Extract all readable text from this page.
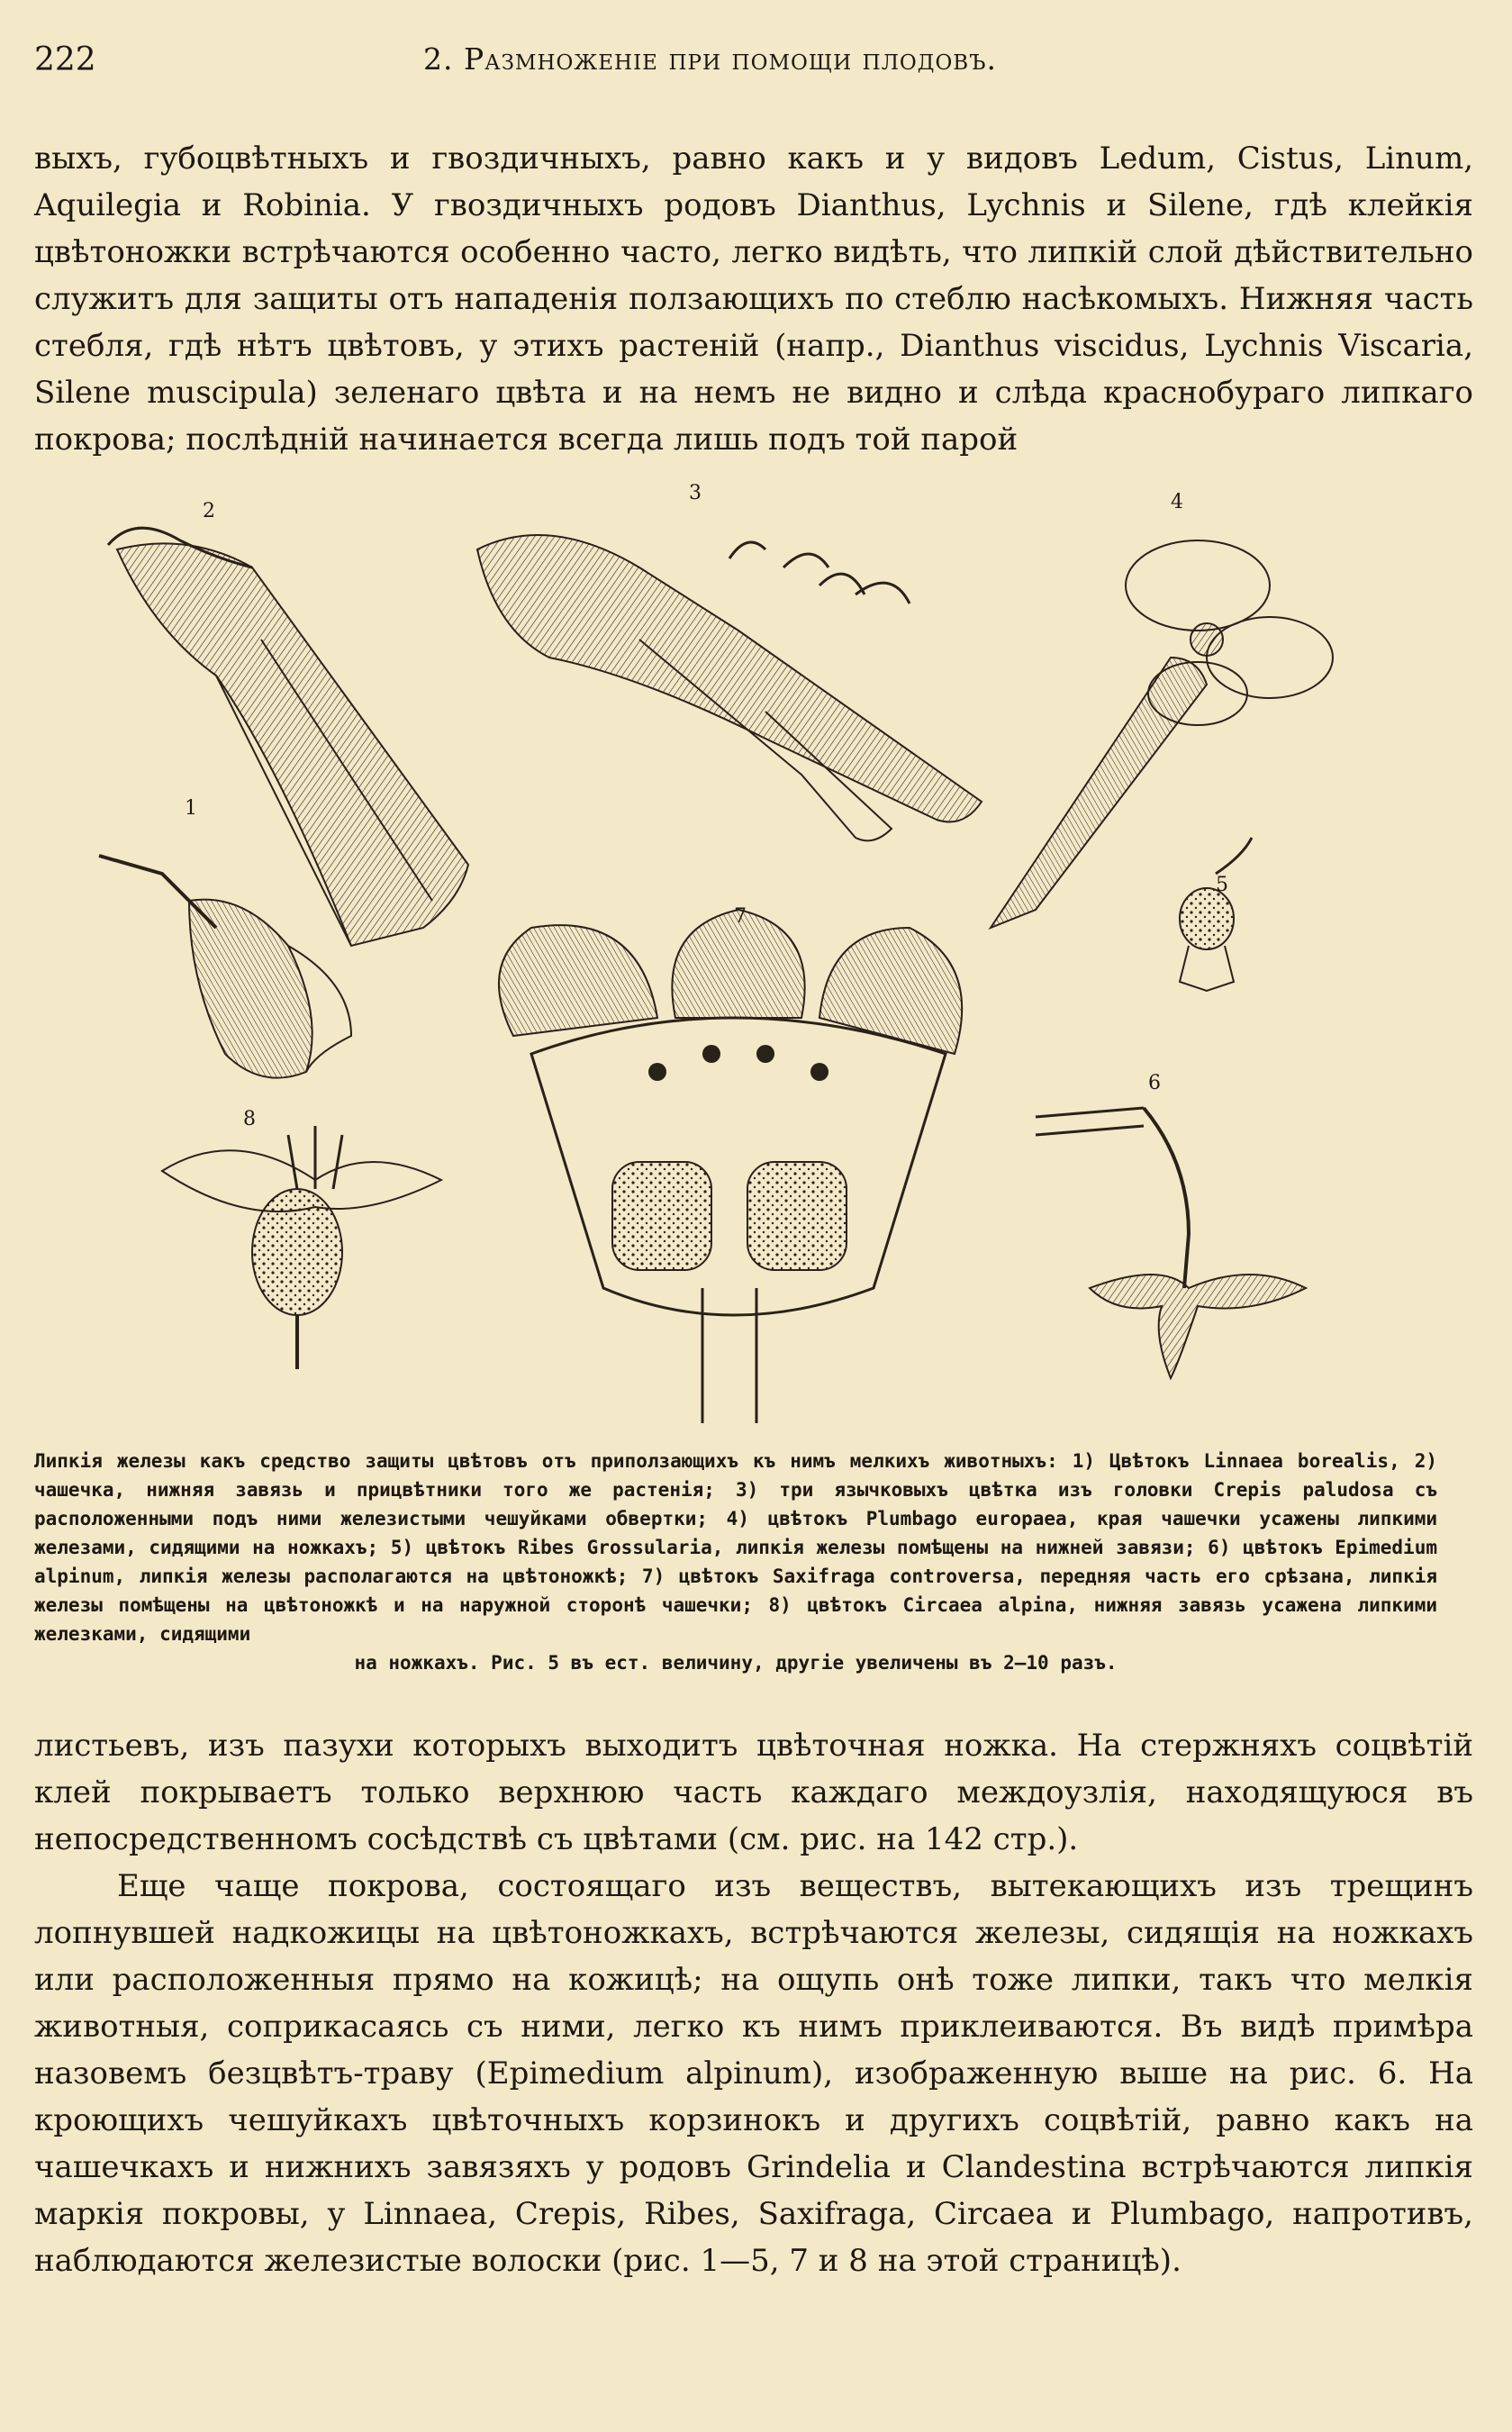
222	2. Размноженіе при помощи плодовъ.
выхъ, губоцвѣтныхъ и гвоздичныхъ, равно какъ и у видовъ Ledum, Cistus, Linum, Aquilegia и Robinia. У гвоздичныхъ родовъ Dianthus, Lychnis и Silene, гдѣ клейкія цвѣтоножки встрѣчаются особенно часто, легко видѣть, что липкій слой дѣйствительно служитъ для защиты отъ нападенія ползающихъ по стеблю насѣкомыхъ. Нижняя часть стебля, гдѣ нѣтъ цвѣтовъ, у этихъ растеній (напр., Dianthus viscidus, Lychnis Viscaria, Silene muscipula) зеленаго цвѣта и на немъ не видно и слѣда краснобураго липкаго покрова; послѣдній начинается всегда лишь подъ той парой
2
3	4
1
7
5
8
6
Липкія железы какъ средство защиты цвѣтовъ отъ приползающихъ къ нимъ мелкихъ животныхъ: 1) Цвѣтокъ Linnaea borealis, 2) чашечка, нижняя завязь и прицвѣтники того же растенія; 3) три язычковыхъ цвѣтка изъ головки Crepis paludosa съ расположенными подъ ними железистыми чешуйками обвертки; 4) цвѣтокъ Plumbago europaea, края чашечки усажены липкими железами, сидящими на ножкахъ; 5) цвѣтокъ Ribes Grossularia, липкія железы помѣщены на нижней завязи; 6) цвѣтокъ Epimedium alpinum, липкія железы располагаются на цвѣтоножкѣ; 7) цвѣтокъ Saxifraga controversa, передняя часть его срѣзана, липкія железы помѣщены на цвѣтоножкѣ и на наружной сторонѣ чашечки; 8) цвѣтокъ Circaea alpina, нижняя завязь усажена липкими железками, сидящими
на ножкахъ. Рис. 5 въ ест. величину, другіе увеличены въ 2—10 разъ.
листьевъ, изъ пазухи которыхъ выходитъ цвѣточная ножка. На стержняхъ соцвѣтій клей покрываетъ только верхнюю часть каждаго междоузлія, находящуюся въ непосредственномъ сосѣдствѣ съ цвѣтами (см. рис. на 142 стр.).
Еще чаще покрова, состоящаго изъ веществъ, вытекающихъ изъ трещинъ лопнувшей надкожицы на цвѣтоножкахъ, встрѣчаются железы, сидящія на ножкахъ или расположенныя прямо на кожицѣ; на ощупь онѣ тоже липки, такъ что мелкія животныя, соприкасаясь съ ними, легко къ нимъ приклеиваются. Въ видѣ примѣра назовемъ безцвѣтъ-траву (Epimedium alpinum), изображенную выше на рис. 6. На кроющихъ чешуйкахъ цвѣточныхъ корзинокъ и другихъ соцвѣтій, равно какъ на чашечкахъ и нижнихъ завязяхъ у родовъ Grindelia и Clandestina встрѣчаются липкія маркія покровы, у Linnaea, Crepis, Ribes, Saxifraga, Circaea и Plumbago, напротивъ, наблюдаются железистые волоски (рис. 1—5, 7 и 8 на этой страницѣ).
